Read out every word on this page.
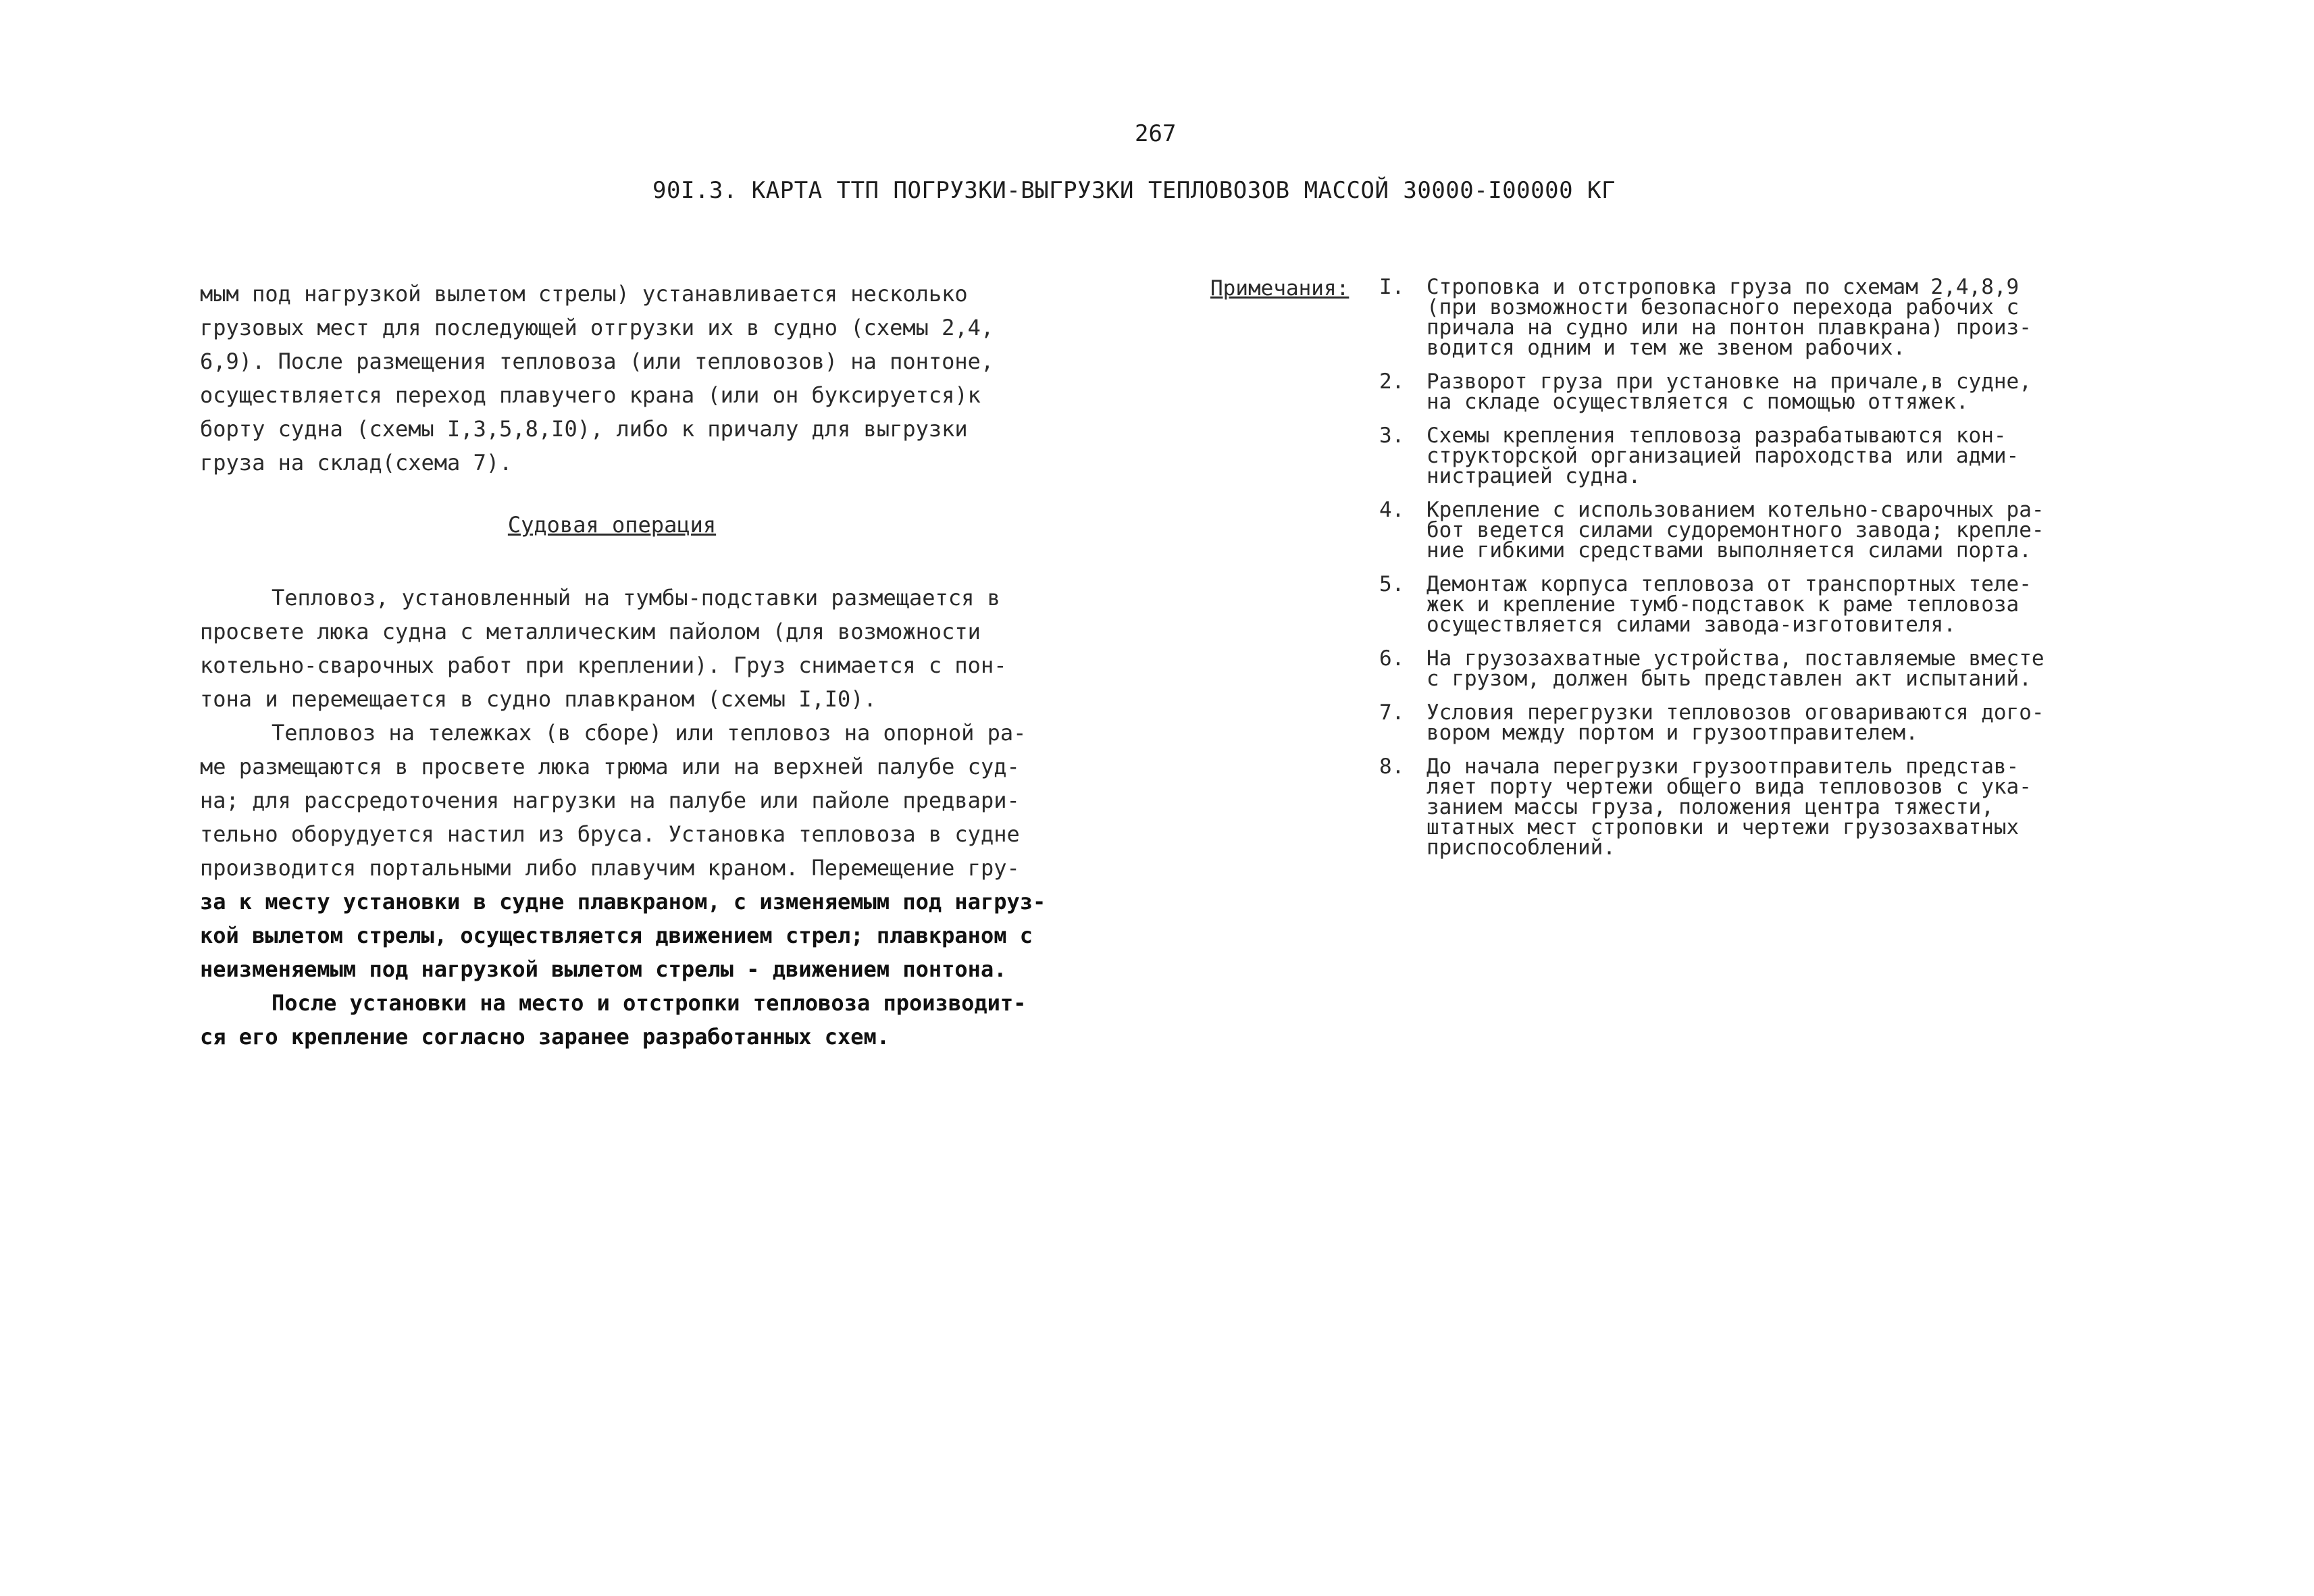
267
90I.3. КАРТА ТТП ПОГРУЗКИ-ВЫГРУЗКИ ТЕПЛОВОЗОВ МАССОЙ 30000-I00000 КГ
мым под нагрузкой вылетом стрелы) устанавливается несколько
грузовых мест для последующей отгрузки их в судно (схемы 2,4,
6,9). После размещения тепловоза (или тепловозов) на понтоне,
осуществляется переход плавучего крана (или он буксируется)к
борту судна (схемы I,3,5,8,I0), либо к причалу для выгрузки
груза на склад(схема 7).
Судовая операция
Тепловоз, установленный на тумбы-подставки размещается в
просвете люка судна с металлическим пайолом (для возможности
котельно-сварочных работ при креплении). Груз снимается с пон-
тона и перемещается в судно плавкраном (схемы I,I0).
Тепловоз на тележках (в сборе) или тепловоз на опорной ра-
ме размещаются в просвете люка трюма или на верхней палубе суд-
на; для рассредоточения нагрузки на палубе или пайоле предвари-
тельно оборудуется настил из бруса. Установка тепловоза в судне
производится портальными либо плавучим краном. Перемещение гру-
за к месту установки в судне плавкраном, с изменяемым под нагруз-
кой вылетом стрелы, осуществляется движением стрел; плавкраном с
неизменяемым под нагрузкой вылетом стрелы - движением понтона.
После установки на место и отстропки тепловоза производит-
ся его крепление согласно заранее разработанных схем.
Примечания: I. Строповка и отстроповка груза по схемам 2,4,8,9
(при возможности безопасного перехода рабочих с
причала на судно или на понтон плавкрана) произ-
водится одним и тем же звеном рабочих.
2. Разворот груза при установке на причале,в судне,
на складе осуществляется с помощью оттяжек.
3. Схемы крепления тепловоза разрабатываются кон-
структорской организацией пароходства или адми-
нистрацией судна.
4. Крепление с использованием котельно-сварочных ра-
бот ведется силами судоремонтного завода; крепле-
ние гибкими средствами выполняется силами порта.
5. Демонтаж корпуса тепловоза от транспортных теле-
жек и крепление тумб-подставок к раме тепловоза
осуществляется силами завода-изготовителя.
6. На грузозахватные устройства, поставляемые вместе
с грузом, должен быть представлен акт испытаний.
7. Условия перегрузки тепловозов оговариваются дого-
вором между портом и грузоотправителем.
8. До начала перегрузки грузоотправитель представ-
ляет порту чертежи общего вида тепловозов с ука-
занием массы груза, положения центра тяжести,
штатных мест строповки и чертежи грузозахватных
приспособлений.
